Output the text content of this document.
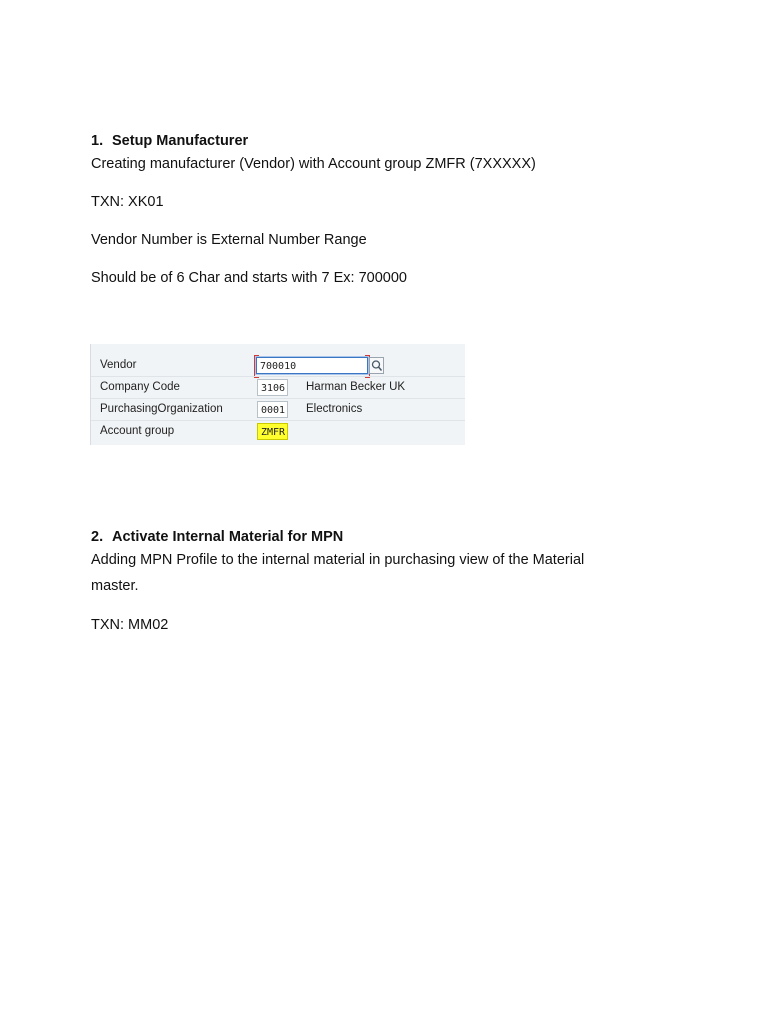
1. Setup Manufacturer
Creating manufacturer (Vendor) with Account group ZMFR (7XXXXX)
TXN: XK01
Vendor Number is External Number Range
Should be of 6 Char and starts with 7 Ex: 700000
Vendor	700010
Company Code	3106 Harman Becker UK
PurchasingOrganization	0001 Electronics
Account group	ZMFR
2. Activate Internal Material for MPN
Adding MPN Profile to the internal material in purchasing view of the Material
master.
TXN: MM02
